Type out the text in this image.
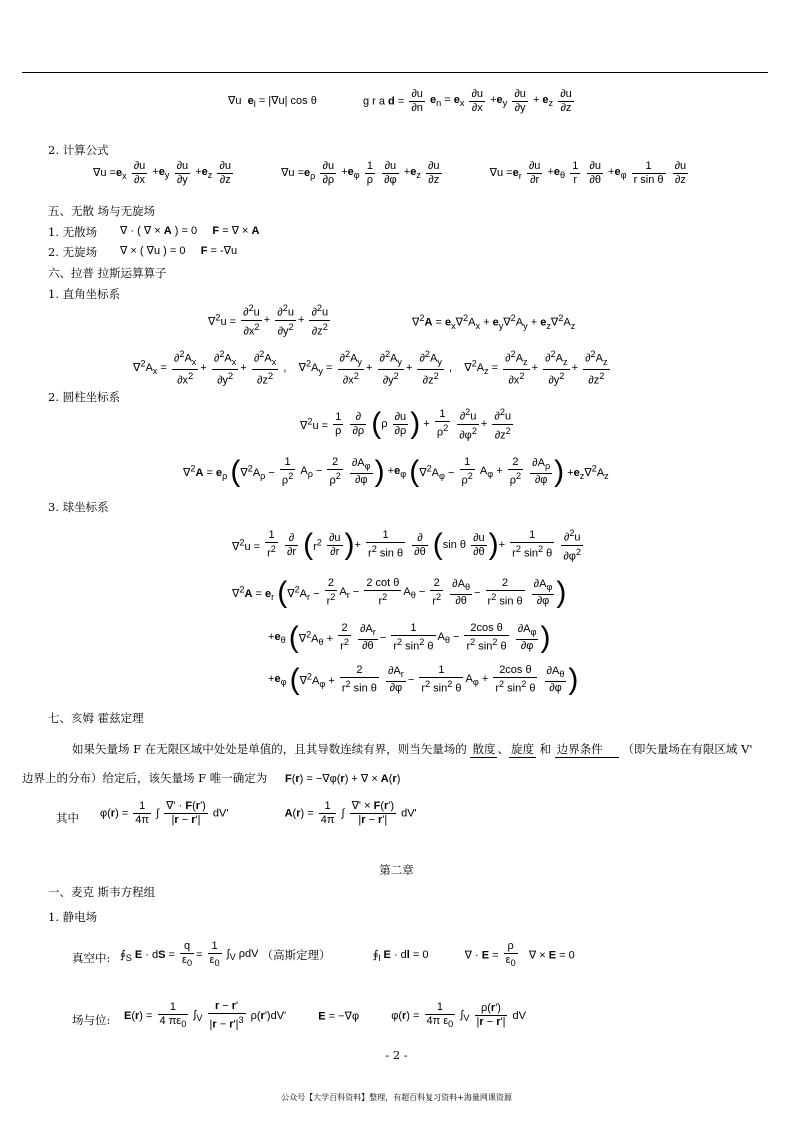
∇u  $e_l = |\nabla u|$ cos θ	g r a $d = \frac{\partial u}{\partial n} e_n = e_x \frac{\partial u}{\partial x} +e_y \frac{\partial u}{\partial y} + e_z \frac{\partial u}{\partial z}$
2. 计算公式
$\nabla u =e_x \frac{\partial u}{\partial x} +e_y \frac{\partial u}{\partial y} +e_z \frac{\partial u}{\partial z}$	$\nabla u =e_\rho \frac{\partial u}{\partial\rho} +e_\varphi \frac{1}{\rho}$
$\frac{\partial u}{\partial\varphi} +e_z \frac{\partial u}{\partial z}$	$\nabla u =e_r \frac{\partial u}{\partial r} +e_\theta \frac{1}{r}$
$\frac{\partial u}{\partial\theta} +e_\varphi \frac{1}{\text{r sin θ}}$
$\frac{\partial u}{\partial z}$
五、无散 场与无旋场
1. 无散场 ∇ · ( ∇ × A ) = 0     F = ∇ × A
2. 无旋场 ∇ × ( ∇u ) = 0     F = -∇u
六、拉普 拉斯运算算子
1. 直角坐标系
$\nabla^2u = \frac{\partial^2u}{\partial x^2} + \frac{\partial^2u}{\partial y^2} + \frac{\partial^2u}{\partial z^2}$	$\nabla^2A = e_x\nabla^2A_x + e_y\nabla^2A_y + e_z\nabla^2A_z$
$\nabla^2A_x = \frac{\partial^2A_x}{\partial x^2} + \frac{\partial^2A_x}{\partial y^2} + \frac{\partial^2A_x}{\partial z^2}$ ,    $\nabla^2A_y = \frac{\partial^2A_y}{\partial x^2} + \frac{\partial^2A_y}{\partial y^2} + \frac{\partial^2A_y}{\partial z^2}$ ,    $\nabla^2A_z = \frac{\partial^2A_z}{\partial x^2} + \frac{\partial^2A_z}{\partial y^2} + \frac{\partial^2A_z}{\partial z^2}$
2. 圆柱坐标系
$\nabla^2u = \frac{1}{\rho}$
$\frac{\partial}{\partial\rho} (\rho \frac{\partial u}{\partial\rho}$ ) + $\frac{1}{\rho^2}$
$\frac{\partial^2u}{\partial\varphi^2} + \frac{\partial^2u}{\partial z^2}$
$\nabla^2A = e_\rho$ ($\nabla^2A_\rho - \frac{1}{\rho^2} A_\rho - \frac{2}{\rho^2}$
$\frac{\partial A_\varphi}{\partial\varphi}$ ) $+e_\varphi$ ($\nabla^2A_\varphi - \frac{1}{\rho^2} A_\varphi + \frac{2}{\rho^2}$
$\frac{\partial A_\rho}{\partial\varphi}$ ) $+e_z\nabla^2A_z$
3. 球坐标系
$\nabla^2u = \frac{1}{r^2}$
$\frac{\partial}{\partial r} (r^2 \frac{\partial u}{\partial r}$ )+ $\frac{1}{r^2 \sin \theta}$
$\frac{\partial}{\partial\theta} (\sin$ θ $\frac{\partial u}{\partial\theta}$ )+ $\frac{1}{r^2 \sin^2 \theta}$
$\frac{\partial^2u}{\partial\varphi^2}$
$\nabla^2A = e_r$ ($\nabla^2A_r - \frac{2}{r^2} A_r - \frac{\text{2 cot θ}}{r^2} A_\theta - \frac{2}{r^2}$
$\frac{\partial A_\theta}{\partial\theta} - \frac{2}{r^2 \sin \theta}$
$\frac{\partial A_\varphi}{\partial\varphi}$ )
$+e_\theta$ ($\nabla^2A_\theta + \frac{2}{r^2}$
$\frac{\partial A_r}{\partial\theta} - \frac{1}{r^2 \sin^2 \theta} A_\theta - \frac{\text{2cos θ}}{r^2 \sin^2 \theta}$
$\frac{\partial A_\varphi}{\partial\varphi}$ )
$+e_\varphi$ ($\nabla^2A_\varphi + \frac{2}{r^2 \sin \theta}$
$\frac{\partial A_r}{\partial\varphi} - \frac{1}{r^2 \sin^2 \theta} A_\varphi + \frac{\text{2cos θ}}{r^2 \sin^2 \theta}$
$\frac{\partial A_\theta}{\partial\varphi}$ )
七、亥姆 霍兹定理
如果矢量场 F 在无限区域中处处是单值的，且其导数连续有界，则当矢量场的 散度 、 旋度 和 边界条件 （即矢量场在有限区域 V'
边界上的分布）给定后，该矢量场 F 唯一确定为 F(r) = −∇φ(r) + ∇ × A(r)
其中 $\varphi(r) = \frac{1}{4\pi}$ ∫ $\frac{\nabla' \cdot F(r')}{|r - r'|} dV'$	$A(r) = \frac{1}{4\pi}$ ∫ $\frac{\nabla' \times F(r')}{|r - r'|} dV'$
第二章
一、麦克 斯韦方程组
1. 静电场
真空中: $∮_S$ E · dS = $\frac{q}{\varepsilon_0} = \frac{1}{\varepsilon_0} \int_V$ ρdV （高斯定理）	$∮_l$ E · dl = 0	∇ · $E = \frac{\rho}{\varepsilon_0}$ ∇ × E = 0
场与位: $E(r) = \frac{1}{4 \pi\varepsilon_0} \int_V \frac{r - r'}{|r - r'|^3} \rho(r')dV'$	E = −∇φ	$\varphi(r) = \frac{1}{4\pi \varepsilon_0} \int_V \frac{\rho(r')}{|r - r'|}$ dV
- 2 -
公众号【大学百科资料】整理，有超百科复习资料+海量网课资源
